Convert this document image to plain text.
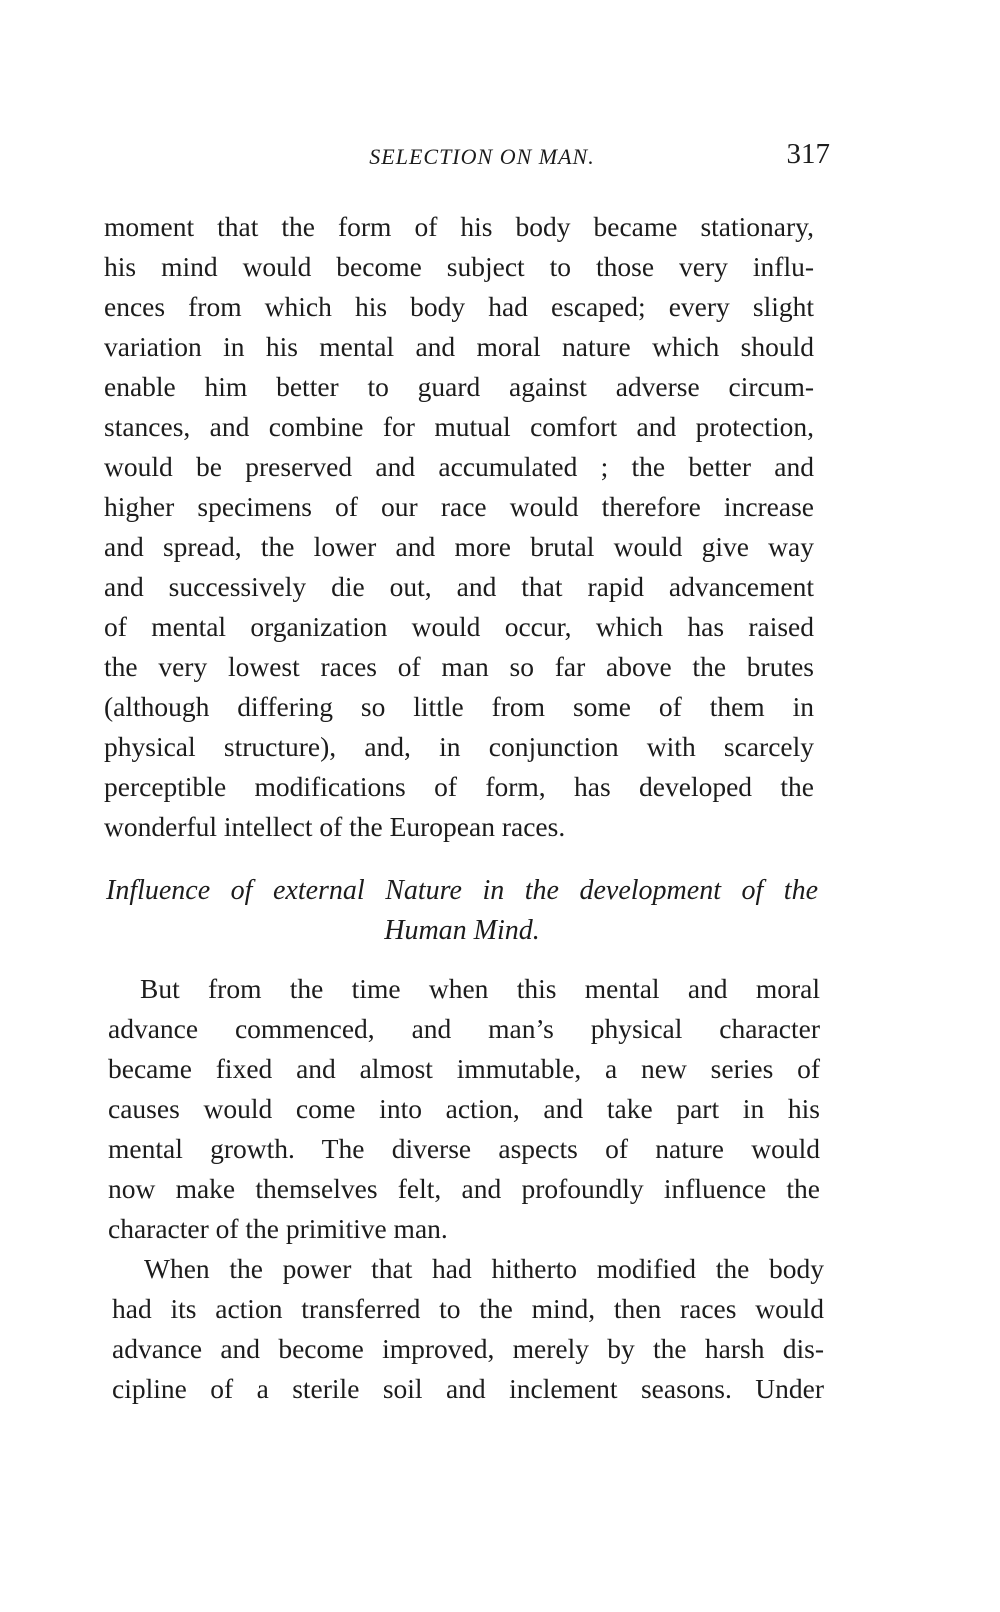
SELECTION ON MAN.	317
moment that the form of his body became stationary,
his mind would become subject to those very influ-
ences from which his body had escaped; every slight
variation in his mental and moral nature which should
enable him better to guard against adverse circum-
stances, and combine for mutual comfort and protection,
would be preserved and accumulated ; the better and
higher specimens of our race would therefore increase
and spread, the lower and more brutal would give way
and successively die out, and that rapid advancement
of mental organization would occur, which has raised
the very lowest races of man so far above the brutes
(although differing so little from some of them in
physical structure), and, in conjunction with scarcely
perceptible modifications of form, has developed the
wonderful intellect of the European races.
Influence of external Nature in the development of the
Human Mind.
But from the time when this mental and moral
advance commenced, and man’s physical character
became fixed and almost immutable, a new series of
causes would come into action, and take part in his
mental growth. The diverse aspects of nature would
now make themselves felt, and profoundly influence the
character of the primitive man.
When the power that had hitherto modified the body
had its action transferred to the mind, then races would
advance and become improved, merely by the harsh dis-
cipline of a sterile soil and inclement seasons. Under
